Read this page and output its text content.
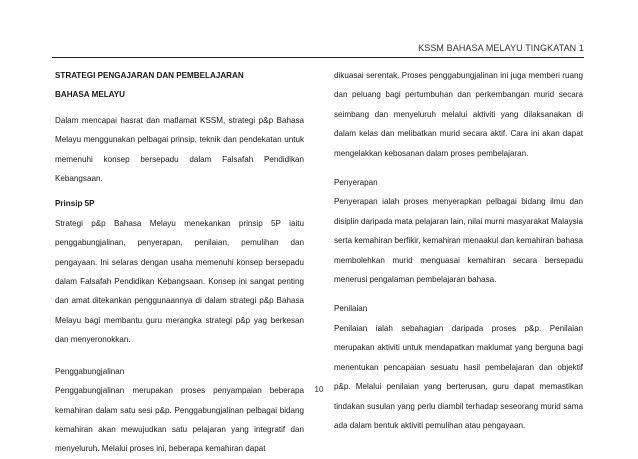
KSSM BAHASA MELAYU TINGKATAN 1

STRATEGI PENGAJARAN DAN PEMBELAJARAN

BAHASA MELAYU

Dalam mencapai hasrat dan matlamat KSSM, strategi p&p Bahasa Melayu menggunakan pelbagai prinsip, teknik dan pendekatan untuk memenuhi konsep bersepadu dalam Falsafah Pendidikan Kebangsaan.

Prinsip 5P

Strategi p&p Bahasa Melayu menekankan prinsip 5P iaitu penggabungjalinan, penyerapan, penilaian, pemulihan dan pengayaan. Ini selaras dengan usaha memenuhi konsep bersepadu dalam Falsafah Pendidikan Kebangsaan. Konsep ini sangat penting dan amat ditekankan penggunaannya di dalam strategi p&p Bahasa Melayu bagi membantu guru merangka strategi p&p yag berkesan dan menyeronokkan.

Penggabungjalinan

Penggabungjalinan merupakan proses penyampaian beberapa kemahiran dalam satu sesi p&p. Penggabungjalinan pelbagai bidang kemahiran akan mewujudkan satu pelajaran yang integratif dan menyeluruh. Melalui proses ini, beberapa kemahiran dapat

dikuasai serentak. Proses penggabungjalinan ini juga memberi ruang dan peluang bagi pertumbuhan dan perkembangan murid secara seimbang dan menyeluruh melalui aktiviti yang dilaksanakan di dalam kelas dan melibatkan murid secara aktif. Cara ini akan dapat mengelakkan kebosanan dalam proses pembelajaran.

Penyerapan

Penyerapan ialah proses menyerapkan pelbagai bidang ilmu dan disiplin daripada mata pelajaran lain, nilai murni masyarakat Malaysia serta kemahiran berfikir, kemahiran menaakul dan kemahiran bahasa membolehkan murid menguasai kemahiran secara bersepadu menerusi pengalaman pembelajaran bahasa.

Penilaian

Penilaian ialah sebahagian daripada proses p&p. Penilaian merupakan aktiviti untuk mendapatkan maklumat yang berguna bagi menentukan pencapaian sesuatu hasil pembelajaran dan objektif p&p. Melalui penilaian yang berterusan, guru dapat memastikan tindakan susulan yang perlu diambil terhadap seseorang murid sama ada dalam bentuk aktiviti pemulihan atau pengayaan.

10
